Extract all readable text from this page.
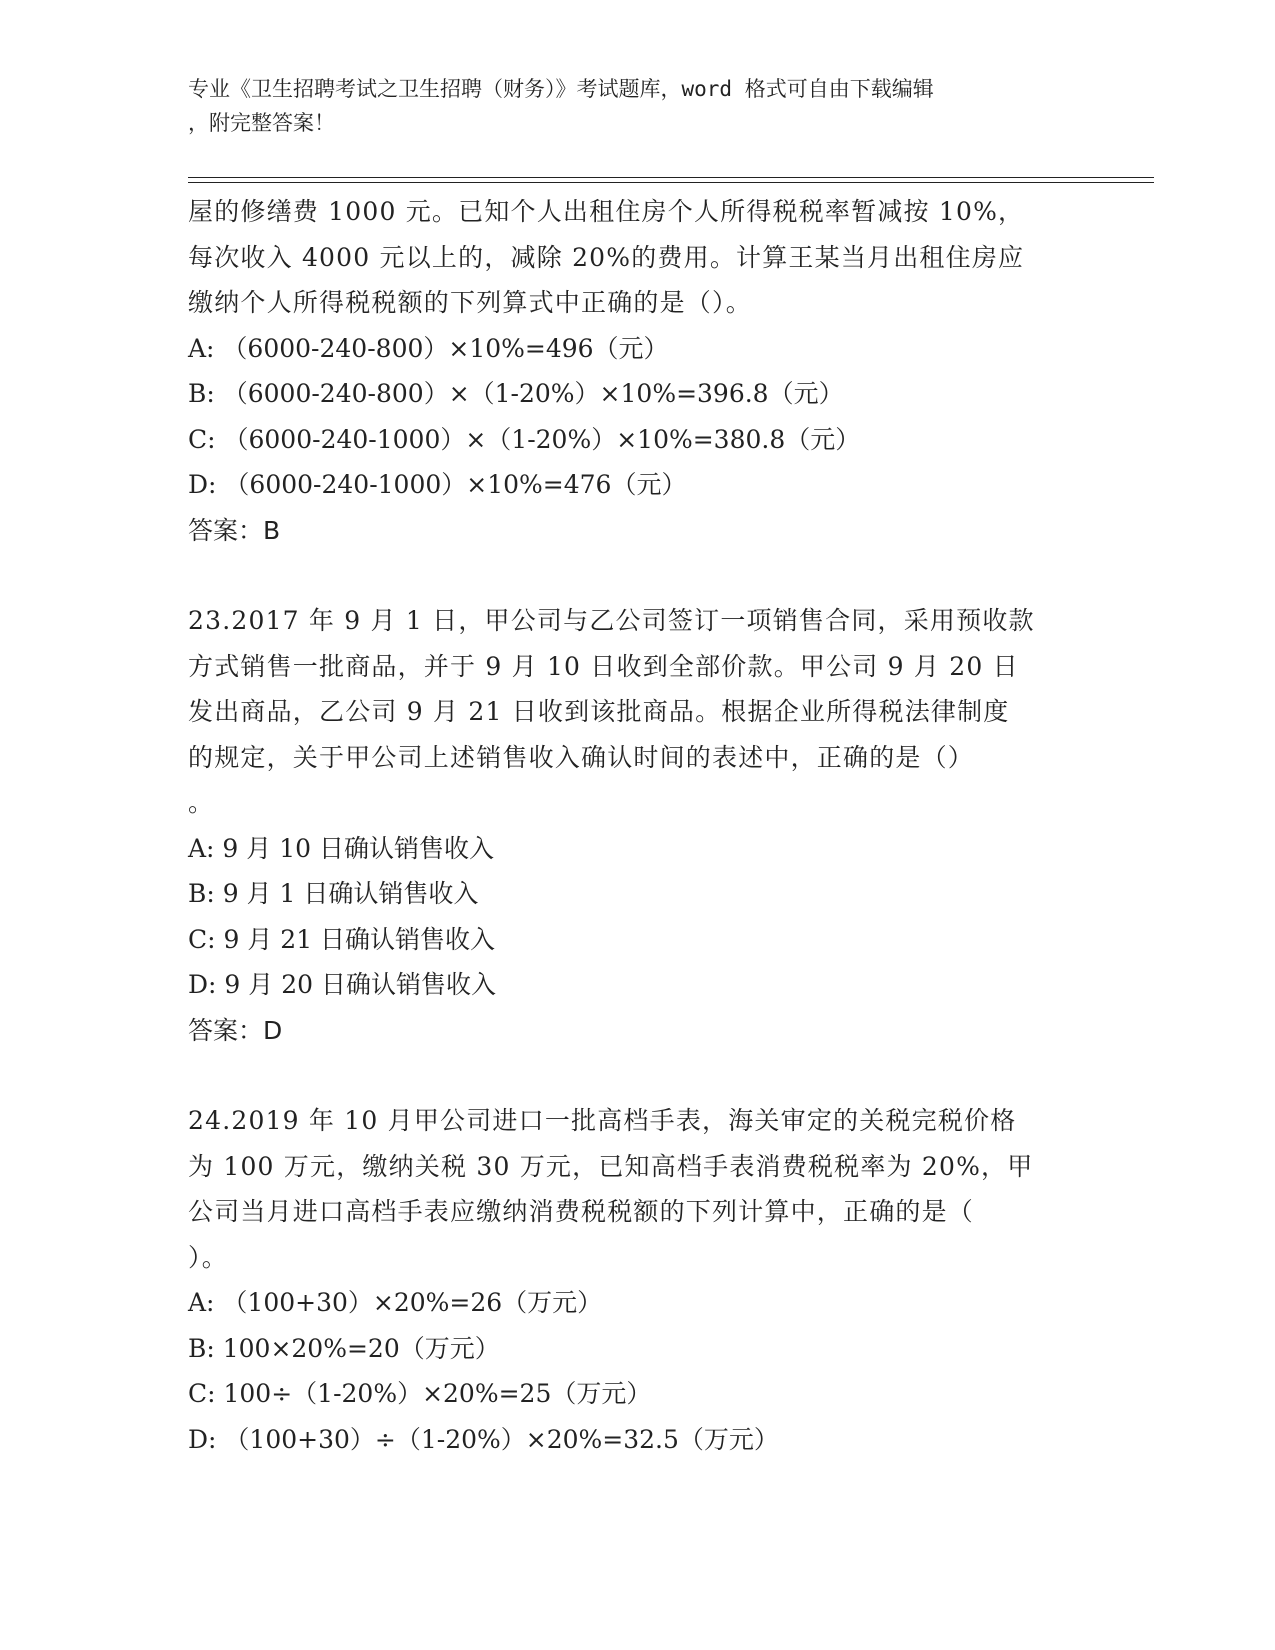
专业《卫生招聘考试之卫生招聘（财务）》考试题库，word 格式可自由下载编辑
，附完整答案！
屋的修缮费 1000 元。已知个人出租住房个人所得税税率暂减按 10%，
每次收入 4000 元以上的，减除 20%的费用。计算王某当月出租住房应
缴纳个人所得税税额的下列算式中正确的是（）。
A: （6000-240-800）×10%=496（元）
B: （6000-240-800）×（1-20%）×10%=396.8（元）
C: （6000-240-1000）×（1-20%）×10%=380.8（元）
D: （6000-240-1000）×10%=476（元）
答案：B
23.2017 年 9 月 1 日，甲公司与乙公司签订一项销售合同，采用预收款
方式销售一批商品，并于 9 月 10 日收到全部价款。甲公司 9 月 20 日
发出商品，乙公司 9 月 21 日收到该批商品。根据企业所得税法律制度
的规定，关于甲公司上述销售收入确认时间的表述中，正确的是（）
。
A: 9 月 10 日确认销售收入
B: 9 月 1 日确认销售收入
C: 9 月 21 日确认销售收入
D: 9 月 20 日确认销售收入
答案：D
24.2019 年 10 月甲公司进口一批高档手表，海关审定的关税完税价格
为 100 万元，缴纳关税 30 万元，已知高档手表消费税税率为 20%，甲
公司当月进口高档手表应缴纳消费税税额的下列计算中，正确的是（
）。
A: （100+30）×20%=26（万元）
B: 100×20%=20（万元）
C: 100÷（1-20%）×20%=25（万元）
D: （100+30）÷（1-20%）×20%=32.5（万元）
